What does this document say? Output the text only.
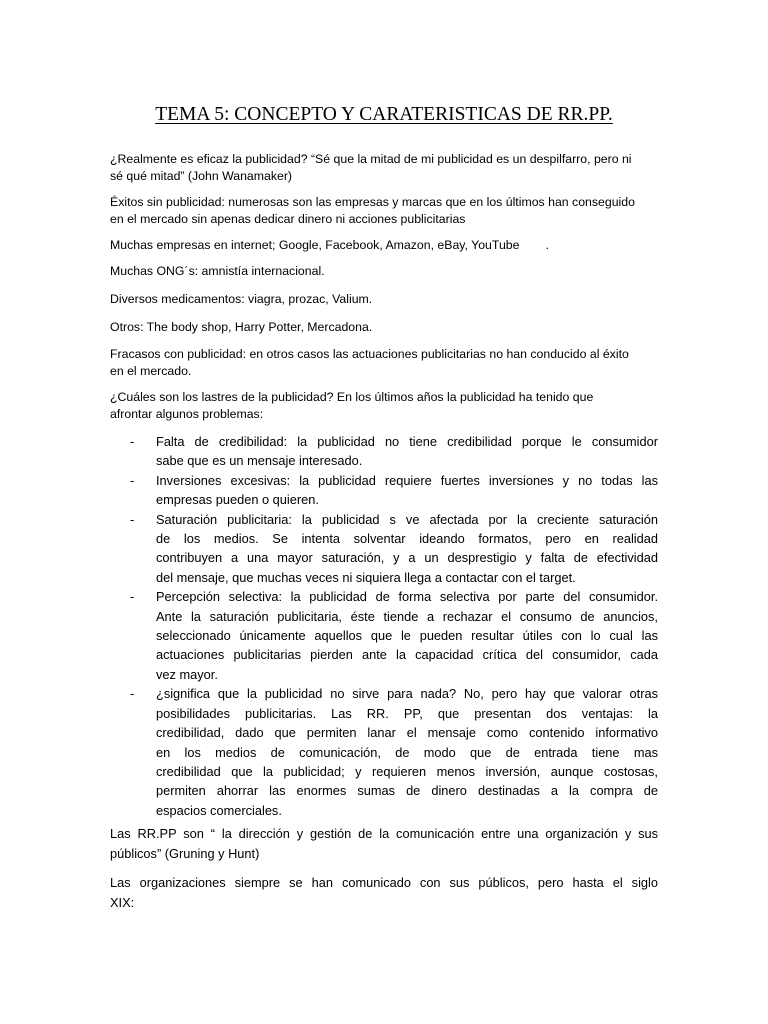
TEMA 5: CONCEPTO Y CARATERISTICAS DE RR.PP.
¿Realmente es eficaz la publicidad? “Sé que la mitad de mi publicidad es un despilfarro, pero ni
sé qué mitad” (John Wanamaker)
Éxitos sin publicidad: numerosas son las empresas y marcas que en los últimos han conseguido
en el mercado sin apenas dedicar dinero ni acciones publicitarias
Muchas empresas en internet; Google, Facebook, Amazon, eBay, YouTube .
Muchas ONG´s: amnistía internacional.
Diversos medicamentos: viagra, prozac, Valium.
Otros: The body shop, Harry Potter, Mercadona.
Fracasos con publicidad: en otros casos las actuaciones publicitarias no han conducido al éxito
en el mercado.
¿Cuáles son los lastres de la publicidad? En los últimos años la publicidad ha tenido que
afrontar algunos problemas:
- Falta de credibilidad: la publicidad no tiene credibilidad porque le consumidor
sabe que es un mensaje interesado.
- Inversiones excesivas: la publicidad requiere fuertes inversiones y no todas las
empresas pueden o quieren.
- Saturación publicitaria: la publicidad s ve afectada por la creciente saturación
de los medios. Se intenta solventar ideando formatos, pero en realidad
contribuyen a una mayor saturación, y a un desprestigio y falta de efectividad
del mensaje, que muchas veces ni siquiera llega a contactar con el target.
- Percepción selectiva: la publicidad de forma selectiva por parte del consumidor.
Ante la saturación publicitaria, éste tiende a rechazar el consumo de anuncios,
seleccionado únicamente aquellos que le pueden resultar útiles con lo cual las
actuaciones publicitarias pierden ante la capacidad crítica del consumidor, cada
vez mayor.
- ¿significa que la publicidad no sirve para nada? No, pero hay que valorar otras
posibilidades publicitarias. Las RR. PP, que presentan dos ventajas: la
credibilidad, dado que permiten lanar el mensaje como contenido informativo
en los medios de comunicación, de modo que de entrada tiene mas
credibilidad que la publicidad; y requieren menos inversión, aunque costosas,
permiten ahorrar las enormes sumas de dinero destinadas a la compra de
espacios comerciales.
Las RR.PP son “ la dirección y gestión de la comunicación entre una organización y sus
públicos” (Gruning y Hunt)
Las organizaciones siempre se han comunicado con sus públicos, pero hasta el siglo
XIX:
